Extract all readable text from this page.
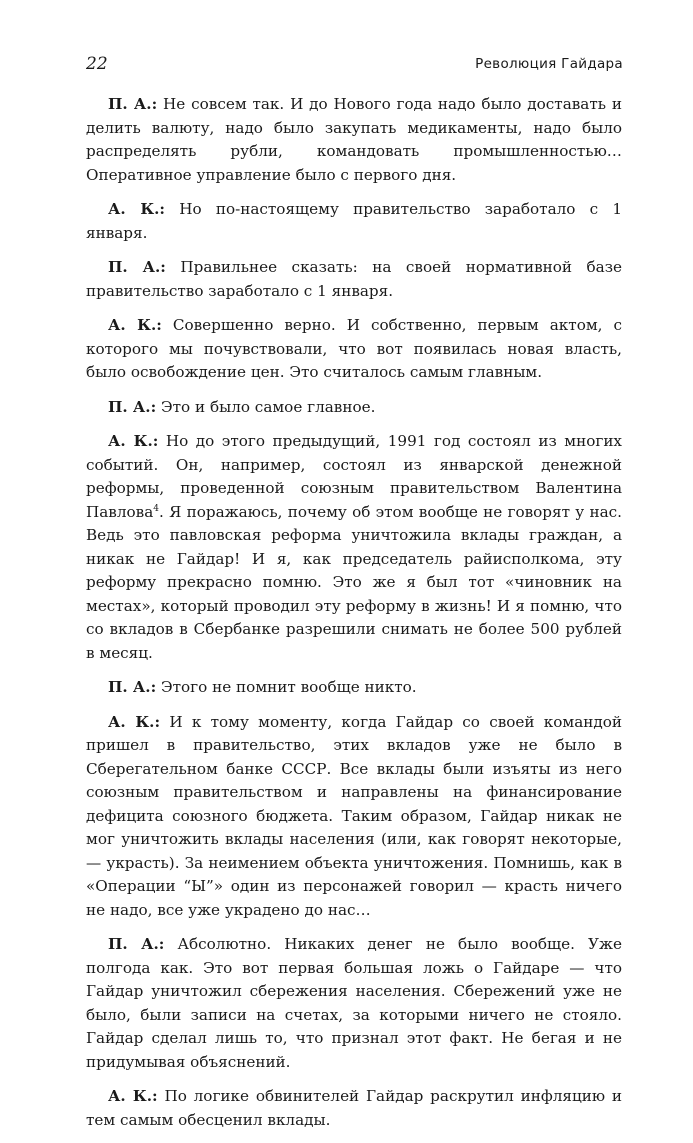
22	Революция Гайдара

П. А.: Не совсем так. И до Нового года надо было доставать и делить валюту, надо было закупать медикаменты, надо было распределять рубли, командовать промышленностью… Оперативное управление было с первого дня.

А. К.: Но по-настоящему правительство заработало с 1 января.

П. А.: Правильнее сказать: на своей нормативной базе правительство заработало с 1 января.

А. К.: Совершенно верно. И собственно, первым актом, с которого мы почувствовали, что вот появилась новая власть, было освобождение цен. Это считалось самым главным.

П. А.: Это и было самое главное.

А. К.: Но до этого предыдущий, 1991 год состоял из многих событий. Он, например, состоял из январской денежной реформы, проведенной союзным правительством Валентина Павлова$^4$. Я поражаюсь, почему об этом вообще не говорят у нас. Ведь это павловская реформа уничтожила вклады граждан, а никак не Гайдар! И я, как председатель райисполкома, эту реформу прекрасно помню. Это же я был тот «чиновник на местах», который проводил эту реформу в жизнь! И я помню, что со вкладов в Сбербанке разрешили снимать не более 500 рублей в месяц.

П. А.: Этого не помнит вообще никто.

А. К.: И к тому моменту, когда Гайдар со своей командой пришел в правительство, этих вкладов уже не было в Сберегательном банке СССР. Все вклады были изъяты из него союзным правительством и направлены на финансирование дефицита союзного бюджета. Таким образом, Гайдар никак не мог уничтожить вклады населения (или, как говорят некоторые, — украсть). За неимением объекта уничтожения. Помнишь, как в «Операции “Ы”» один из персонажей говорил — красть ничего не надо, все уже украдено до нас…

П. А.: Абсолютно. Никаких денег не было вообще. Уже полгода как. Это вот первая большая ложь о Гайдаре — что Гайдар уничтожил сбережения населения. Сбережений уже не было, были записи на счетах, за которыми ничего не стояло. Гайдар сделал лишь то, что признал этот факт. Не бегая и не придумывая объяснений.

А. К.: По логике обвинителей Гайдар раскрутил инфляцию и тем самым обесценил вклады.
